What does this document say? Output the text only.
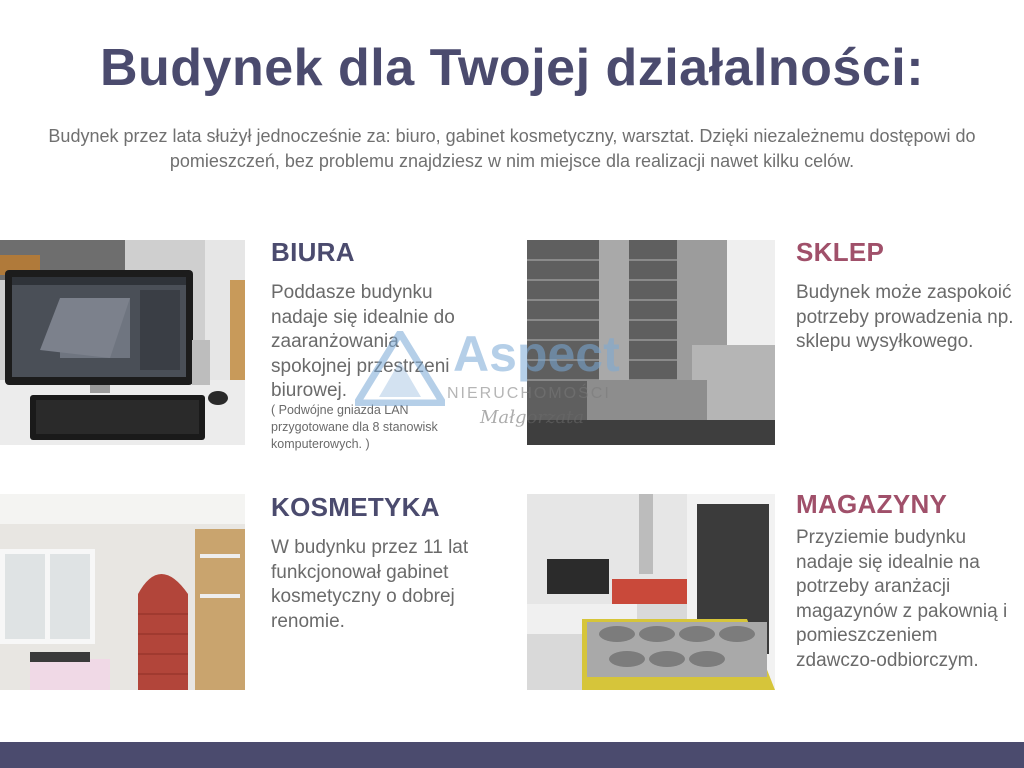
Budynek dla Twojej działalności:
Budynek przez lata służył jednocześnie za: biuro, gabinet kosmetyczny, warsztat. Dzięki niezależnemu dostępowi do pomieszczeń, bez problemu znajdziesz w nim miejsce dla realizacji nawet kilku celów.
BIURA
Poddasze budynku nadaje się idealnie do zaaranżowania spokojnej przestrzeni biurowej.
( Podwójne gniazda LAN przygotowane dla 8 stanowisk komputerowych. )
SKLEP
Budynek może zaspokoić potrzeby prowadzenia np. sklepu wysyłkowego.
KOSMETYKA
W budynku przez 11 lat funkcjonował gabinet kosmetyczny o dobrej renomie.
MAGAZYNY
Przyziemie budynku nadaje się idealnie na potrzeby aranżacji magazynów z pakownią i pomieszczeniem zdawczo-odbiorczym.
Aspect
NIERUCHOMOŚCI
Małgorzata
